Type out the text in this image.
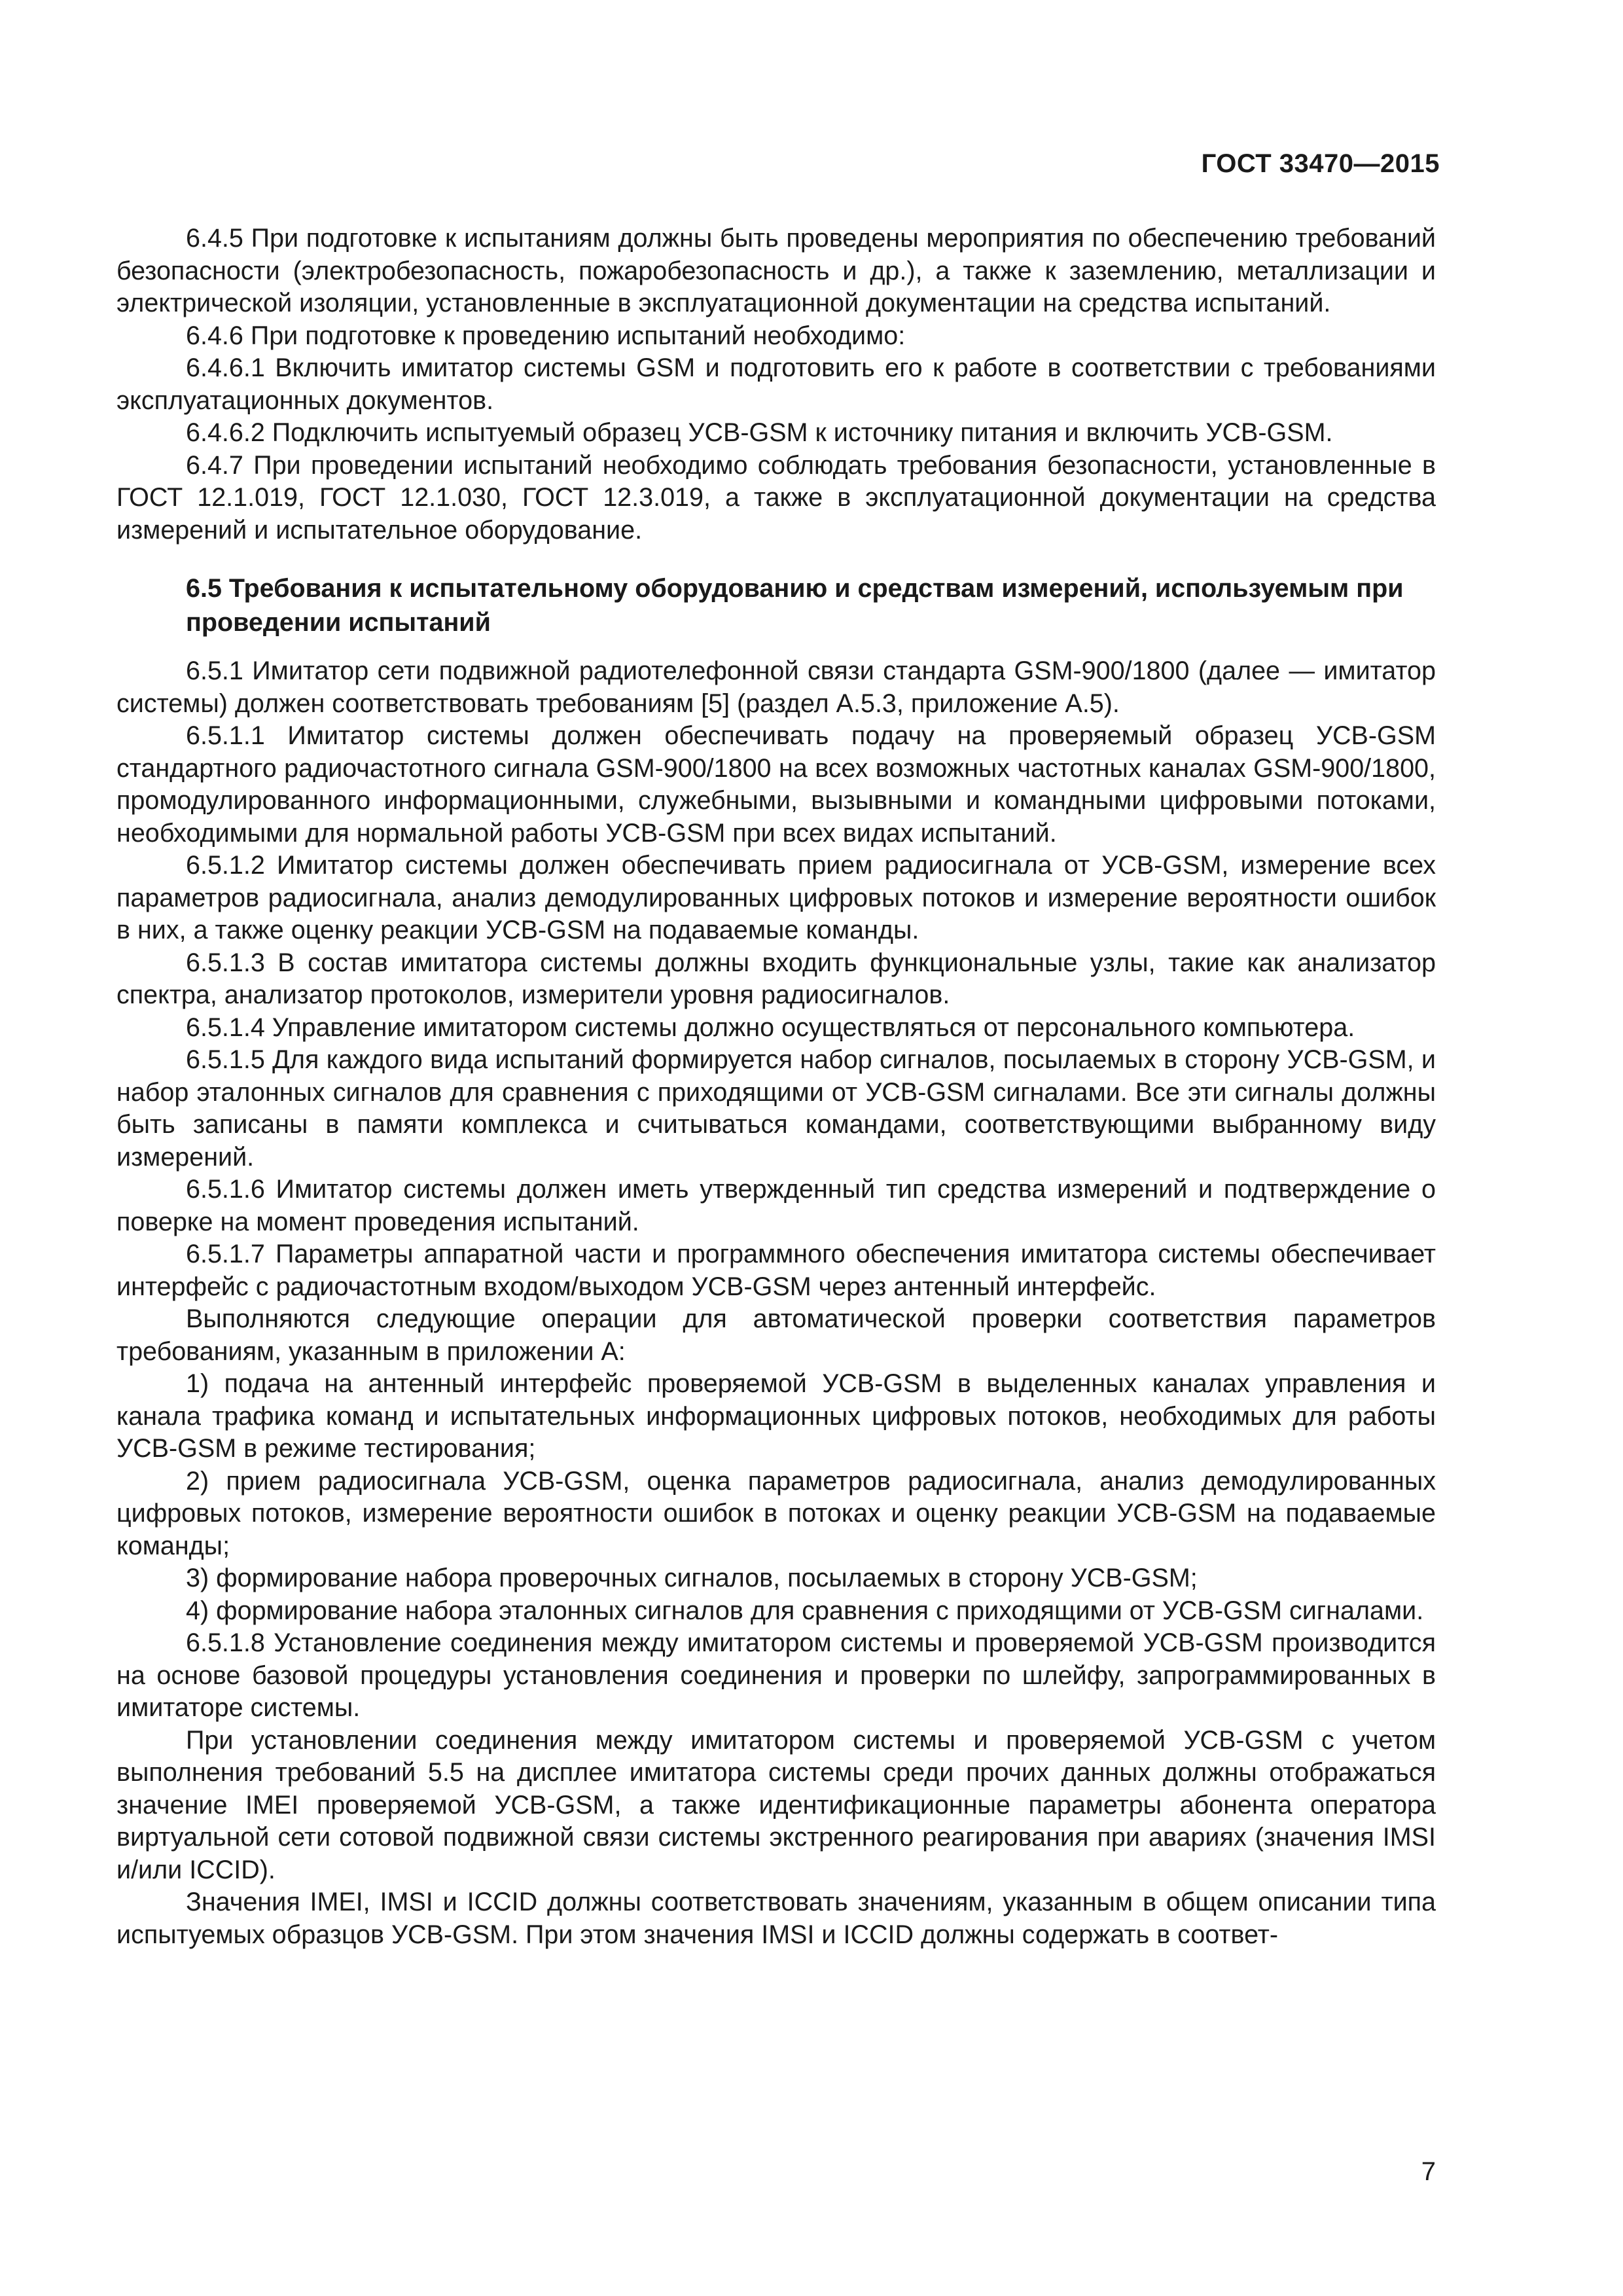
ГОСТ 33470—2015

6.4.5 При подготовке к испытаниям должны быть проведены мероприятия по обеспечению требований безопасности (электробезопасность, пожаробезопасность и др.), а также к заземлению, металлизации и электрической изоляции, установленные в эксплуатационной документации на средства испытаний.

6.4.6 При подготовке к проведению испытаний необходимо:

6.4.6.1 Включить имитатор системы GSM и подготовить его к работе в соответствии с требованиями эксплуатационных документов.

6.4.6.2 Подключить испытуемый образец УСВ-GSM к источнику питания и включить УСВ-GSM.

6.4.7 При проведении испытаний необходимо соблюдать требования безопасности, установленные в ГОСТ 12.1.019, ГОСТ 12.1.030, ГОСТ 12.3.019, а также в эксплуатационной документации на средства измерений и испытательное оборудование.

6.5 Требования к испытательному оборудованию и средствам измерений, используемым при проведении испытаний

6.5.1 Имитатор сети подвижной радиотелефонной связи стандарта GSM-900/1800 (далее — имитатор системы) должен соответствовать требованиям [5] (раздел А.5.3, приложение А.5).

6.5.1.1 Имитатор системы должен обеспечивать подачу на проверяемый образец УСВ-GSM стандартного радиочастотного сигнала GSM-900/1800 на всех возможных частотных каналах GSM-900/1800, промодулированного информационными, служебными, вызывными и командными цифровыми потоками, необходимыми для нормальной работы УСВ-GSM при всех видах испытаний.

6.5.1.2 Имитатор системы должен обеспечивать прием радиосигнала от УСВ-GSM, измерение всех параметров радиосигнала, анализ демодулированных цифровых потоков и измерение вероятности ошибок в них, а также оценку реакции УСВ-GSM на подаваемые команды.

6.5.1.3 В состав имитатора системы должны входить функциональные узлы, такие как анализатор спектра, анализатор протоколов, измерители уровня радиосигналов.

6.5.1.4 Управление имитатором системы должно осуществляться от персонального компьютера.

6.5.1.5 Для каждого вида испытаний формируется набор сигналов, посылаемых в сторону УСВ-GSM, и набор эталонных сигналов для сравнения с приходящими от УСВ-GSM сигналами. Все эти сигналы должны быть записаны в памяти комплекса и считываться командами, соответствующими выбранному виду измерений.

6.5.1.6 Имитатор системы должен иметь утвержденный тип средства измерений и подтверждение о поверке на момент проведения испытаний.

6.5.1.7 Параметры аппаратной части и программного обеспечения имитатора системы обеспечивает интерфейс с радиочастотным входом/выходом УСВ-GSM через антенный интерфейс.

Выполняются следующие операции для автоматической проверки соответствия параметров требованиям, указанным в приложении А:

1) подача на антенный интерфейс проверяемой УСВ-GSM в выделенных каналах управления и канала трафика команд и испытательных информационных цифровых потоков, необходимых для работы УСВ-GSM в режиме тестирования;

2) прием радиосигнала УСВ-GSM, оценка параметров радиосигнала, анализ демодулированных цифровых потоков, измерение вероятности ошибок в потоках и оценку реакции УСВ-GSM на подаваемые команды;

3) формирование набора проверочных сигналов, посылаемых в сторону УСВ-GSM;

4) формирование набора эталонных сигналов для сравнения с приходящими от УСВ-GSM сигналами.

6.5.1.8 Установление соединения между имитатором системы и проверяемой УСВ-GSM производится на основе базовой процедуры установления соединения и проверки по шлейфу, запрограммированных в имитаторе системы.

При установлении соединения между имитатором системы и проверяемой УСВ-GSM с учетом выполнения требований 5.5 на дисплее имитатора системы среди прочих данных должны отображаться значение IMEI проверяемой УСВ-GSM, а также идентификационные параметры абонента оператора виртуальной сети сотовой подвижной связи системы экстренного реагирования при авариях (значения IMSI и/или ICCID).

Значения IMEI, IMSI и ICCID должны соответствовать значениям, указанным в общем описании типа испытуемых образцов УСВ-GSM. При этом значения IMSI и ICCID должны содержать в соответ-

7
